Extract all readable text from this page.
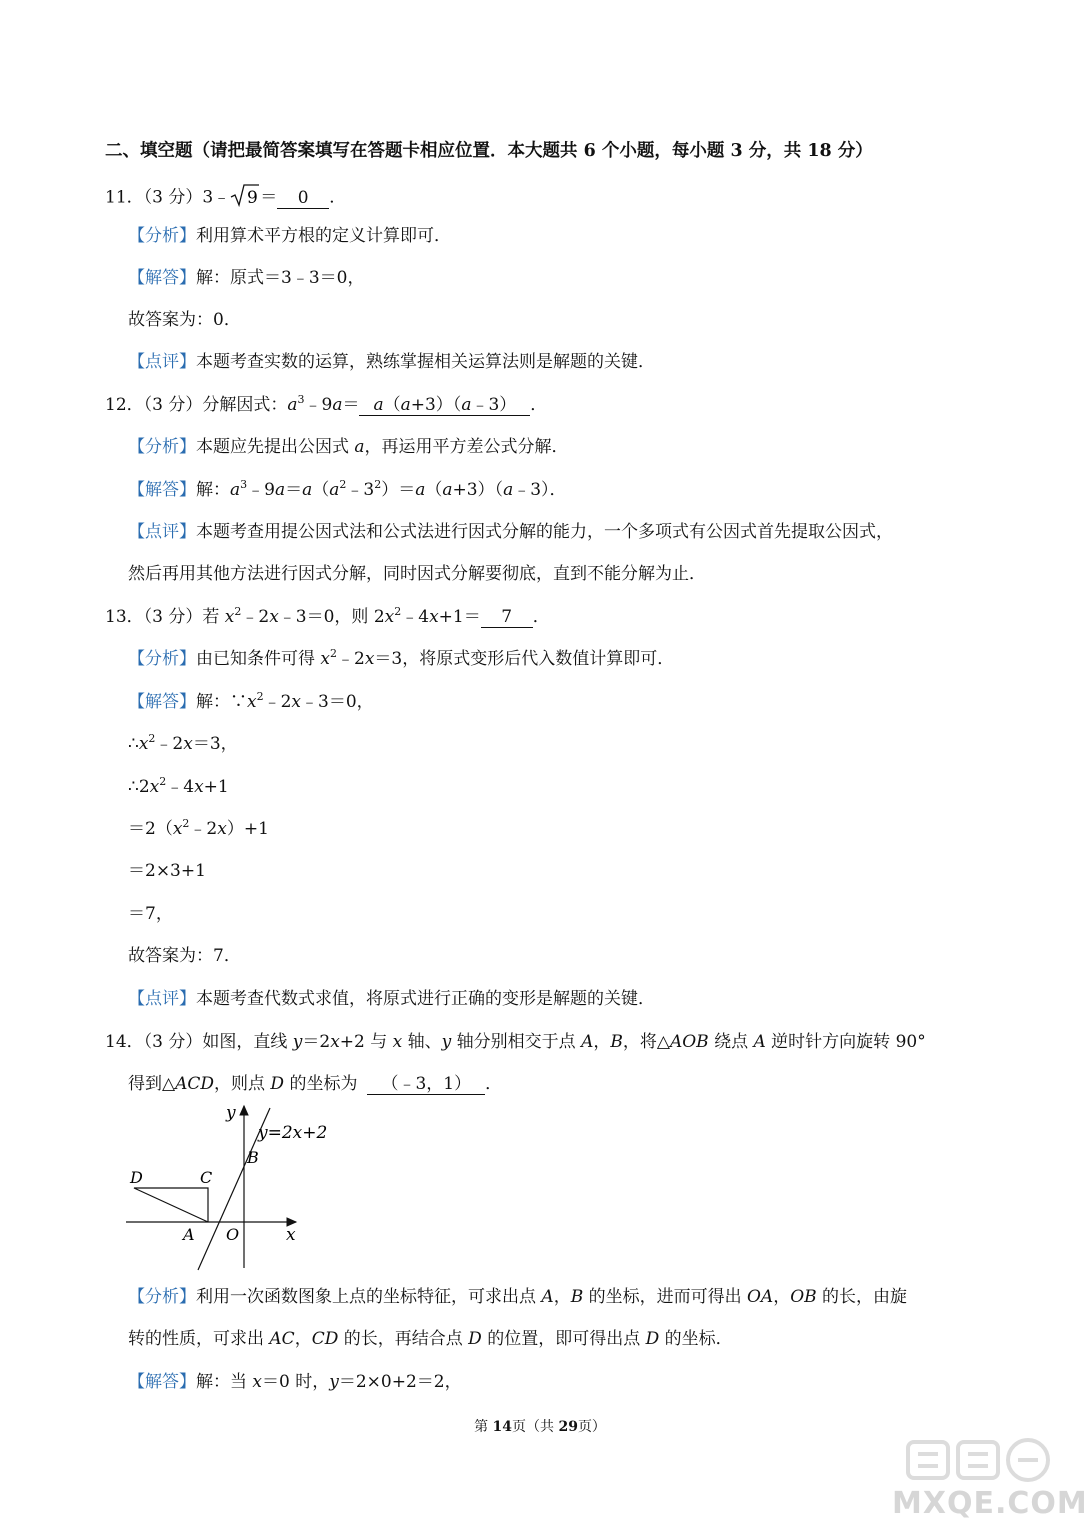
二、填空题（请把最简答案填写在答题卡相应位置．本大题共 6 个小题，每小题 3 分，共 18 分）
11．（3 分）3﹣ 9 ＝ 0 ．
【分析】利用算术平方根的定义计算即可．
【解答】解：原式＝3﹣3＝0，
故答案为：0．
【点评】本题考查实数的运算，熟练掌握相关运算法则是解题的关键．
12．（3 分）分解因式：$a^3﹣9a=$ a（a+3）（a﹣3） ．
【分析】本题应先提出公因式 a，再运用平方差公式分解．
【解答】解：$a^3﹣9a=a(a^2﹣3^2)=a(a+3)(a﹣3)$．
【点评】本题考查用提公因式法和公式法进行因式分解的能力，一个多项式有公因式首先提取公因式，
然后再用其他方法进行因式分解，同时因式分解要彻底，直到不能分解为止．
13．（3 分）若 $x^2﹣2x﹣3=0$，则 $2x^2﹣4x+1= 7$ ．
【分析】由已知条件可得 $x^2﹣2x=3$，将原式变形后代入数值计算即可．
【解答】解：$\because x^2﹣2x﹣3=0$，
$\therefore x^2﹣2x=3$，
$\therefore 2x^2﹣4x+1$
$=2(x^2﹣2x)+1$
＝2×3+1
＝7，
故答案为：7．
【点评】本题考查代数式求值，将原式进行正确的变形是解题的关键．
14．（3 分）如图，直线 y＝2x+2 与 x 轴、y 轴分别相交于点 A，B，将△AOB 绕点 A 逆时针方向旋转 90°
得到△ACD，则点 D 的坐标为 （﹣3，1） ．
y
y=2x+2
B
C
D
A O	x
【分析】利用一次函数图象上点的坐标特征，可求出点 A，B 的坐标，进而可得出 OA，OB 的长，由旋
转的性质，可求出 AC，CD 的长，再结合点 D 的位置，即可得出点 D 的坐标．
【解答】解：当 x＝0 时，y＝2×0+2＝2，
第 14页（共 29页）
MXQE.COM
